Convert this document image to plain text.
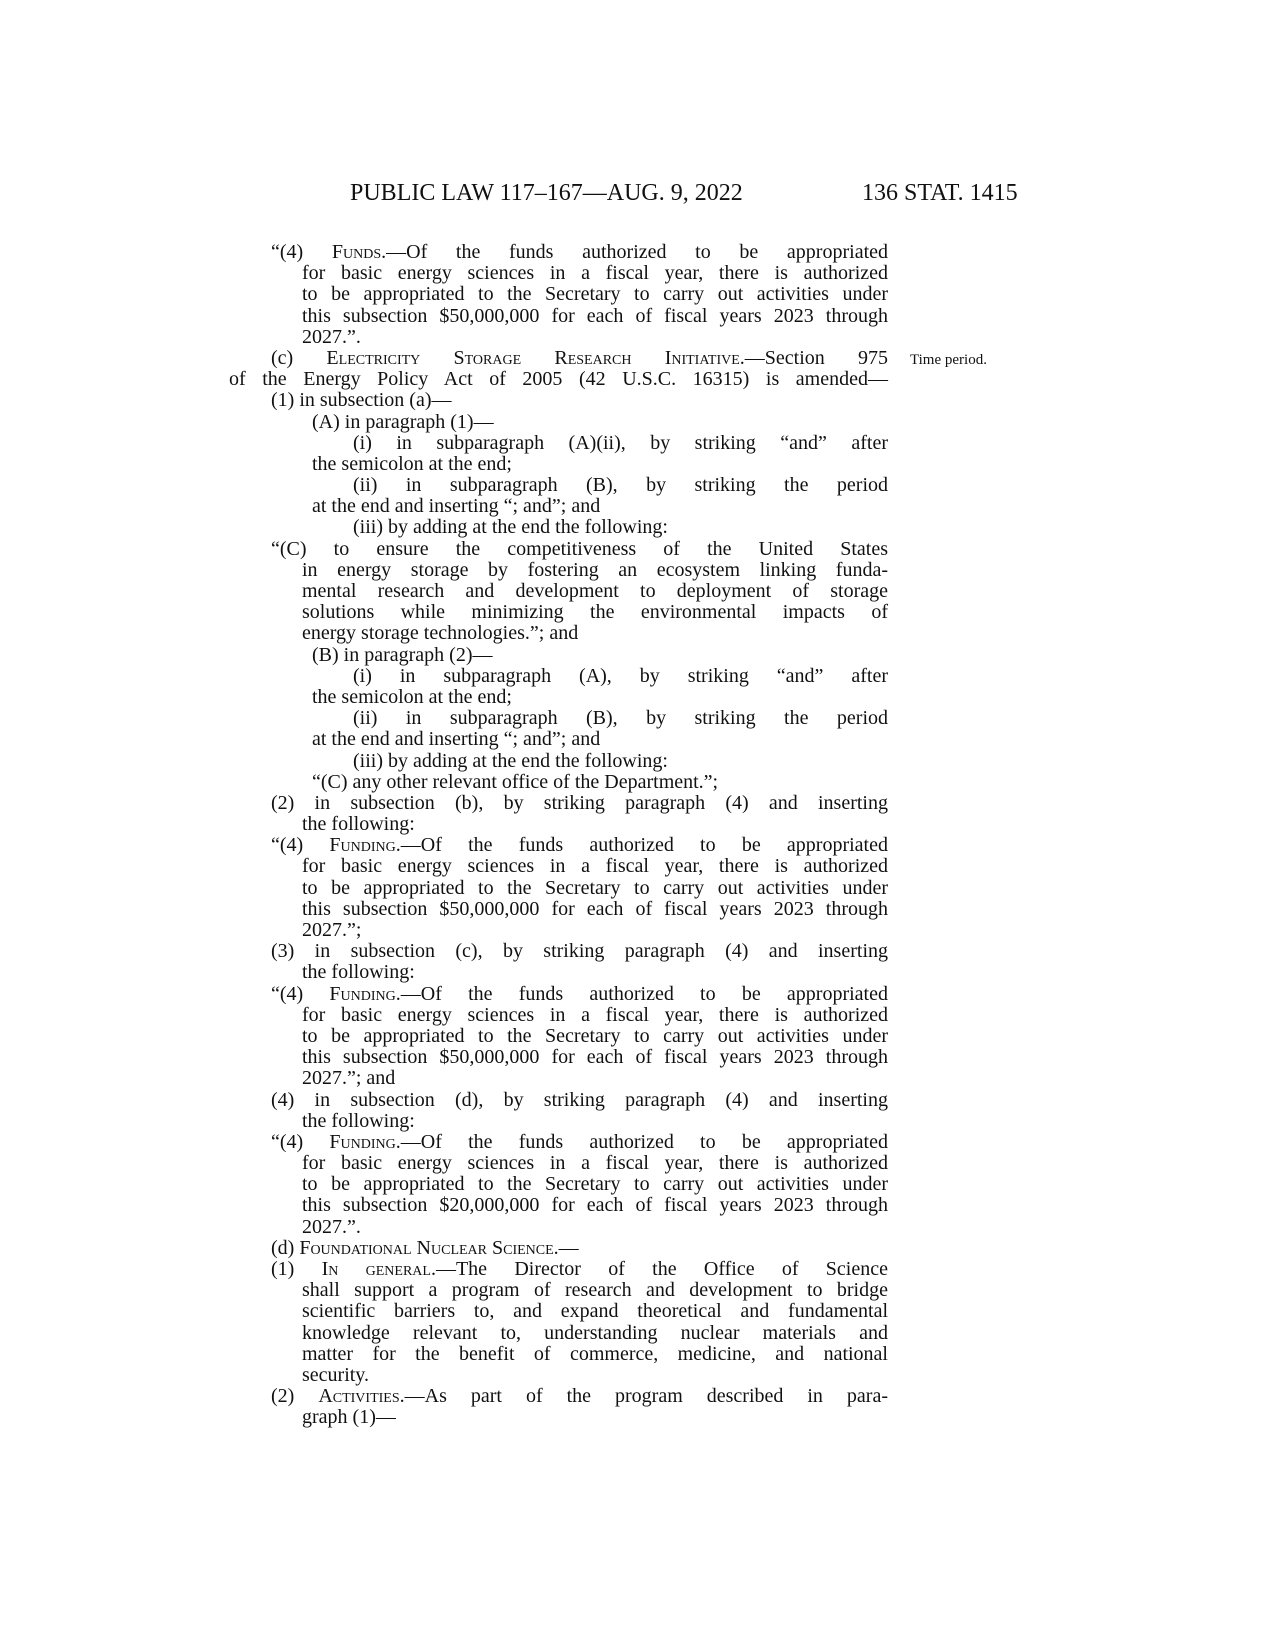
PUBLIC LAW 117–167—AUG. 9, 2022	136 STAT. 1415
Time period.
“(4) Funds.—Of the funds authorized to be appropriated
for basic energy sciences in a fiscal year, there is authorized
to be appropriated to the Secretary to carry out activities under
this subsection $50,000,000 for each of fiscal years 2023 through
2027.”.
(c) Electricity Storage Research Initiative.—Section 975
of the Energy Policy Act of 2005 (42 U.S.C. 16315) is amended—
(1) in subsection (a)—
(A) in paragraph (1)—
(i) in subparagraph (A)(ii), by striking “and” after
the semicolon at the end;
(ii) in subparagraph (B), by striking the period
at the end and inserting “; and”; and
(iii) by adding at the end the following:
“(C) to ensure the competitiveness of the United States
in energy storage by fostering an ecosystem linking funda-
mental research and development to deployment of storage
solutions while minimizing the environmental impacts of
energy storage technologies.”; and
(B) in paragraph (2)—
(i) in subparagraph (A), by striking “and” after
the semicolon at the end;
(ii) in subparagraph (B), by striking the period
at the end and inserting “; and”; and
(iii) by adding at the end the following:
“(C) any other relevant office of the Department.”;
(2) in subsection (b), by striking paragraph (4) and inserting
the following:
“(4) Funding.—Of the funds authorized to be appropriated
for basic energy sciences in a fiscal year, there is authorized
to be appropriated to the Secretary to carry out activities under
this subsection $50,000,000 for each of fiscal years 2023 through
2027.”;
(3) in subsection (c), by striking paragraph (4) and inserting
the following:
“(4) Funding.—Of the funds authorized to be appropriated
for basic energy sciences in a fiscal year, there is authorized
to be appropriated to the Secretary to carry out activities under
this subsection $50,000,000 for each of fiscal years 2023 through
2027.”; and
(4) in subsection (d), by striking paragraph (4) and inserting
the following:
“(4) Funding.—Of the funds authorized to be appropriated
for basic energy sciences in a fiscal year, there is authorized
to be appropriated to the Secretary to carry out activities under
this subsection $20,000,000 for each of fiscal years 2023 through
2027.”.
(d) Foundational Nuclear Science.—
(1) In general.—The Director of the Office of Science
shall support a program of research and development to bridge
scientific barriers to, and expand theoretical and fundamental
knowledge relevant to, understanding nuclear materials and
matter for the benefit of commerce, medicine, and national
security.
(2) Activities.—As part of the program described in para-
graph (1)—
